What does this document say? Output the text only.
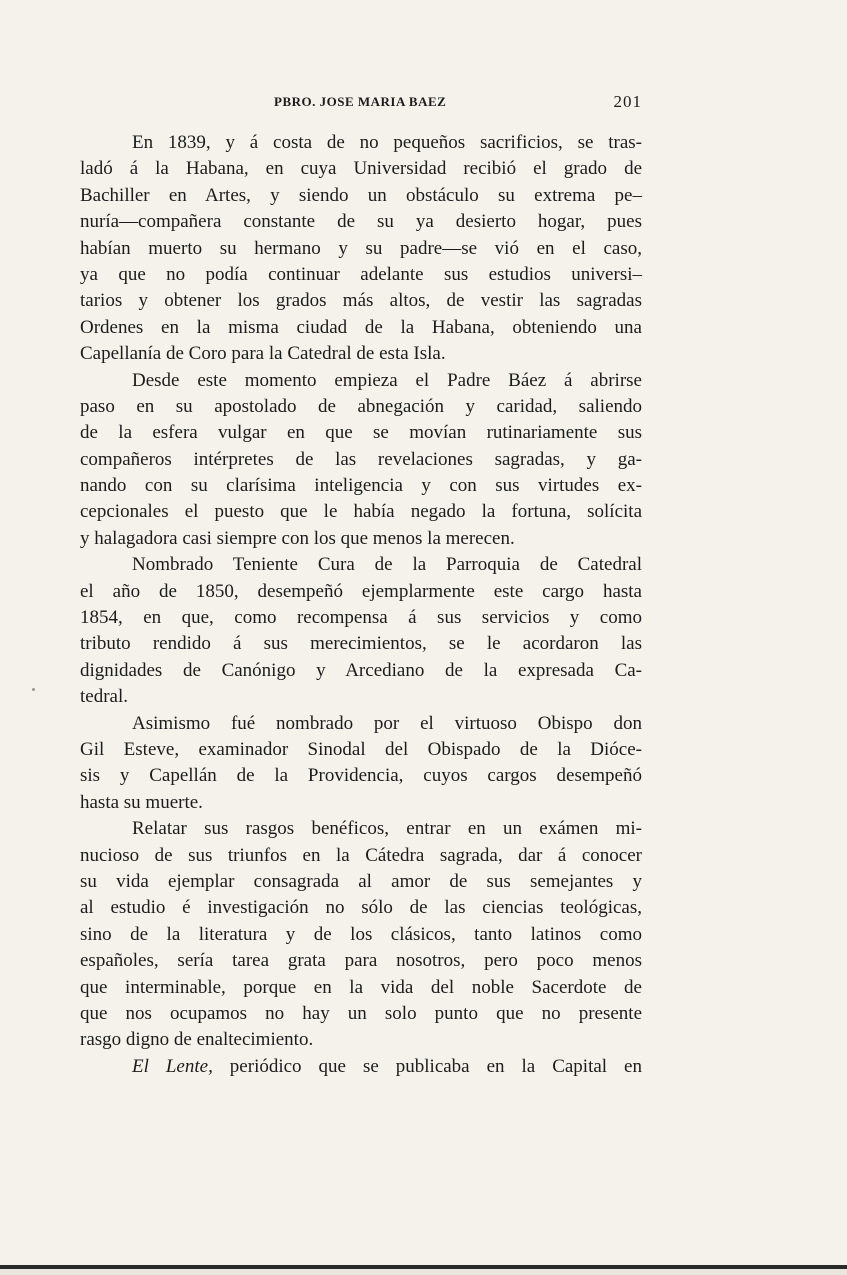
PBRO. JOSE MARIA BAEZ	201
En 1839, y á costa de no pequeños sacrificios, se tras-
ladó á la Habana, en cuya Universidad recibió el grado de
Bachiller en Artes, y siendo un obstáculo su extrema pe–
nuría—compañera constante de su ya desierto hogar, pues
habían muerto su hermano y su padre—se vió en el caso,
ya que no podía continuar adelante sus estudios universi–
tarios y obtener los grados más altos, de vestir las sagradas
Ordenes en la misma ciudad de la Habana, obteniendo una
Capellanía de Coro para la Catedral de esta Isla.
Desde este momento empieza el Padre Báez á abrirse
paso en su apostolado de abnegación y caridad, saliendo
de la esfera vulgar en que se movían rutinariamente sus
compañeros intérpretes de las revelaciones sagradas, y ga-
nando con su clarísima inteligencia y con sus virtudes ex-
cepcionales el puesto que le había negado la fortuna, solícita
y halagadora casi siempre con los que menos la merecen.
Nombrado Teniente Cura de la Parroquia de Catedral
el año de 1850, desempeñó ejemplarmente este cargo hasta
1854, en que, como recompensa á sus servicios y como
tributo rendido á sus merecimientos, se le acordaron las
dignidades de Canónigo y Arcediano de la expresada Ca-
tedral.
Asimismo fué nombrado por el virtuoso Obispo don
Gil Esteve, examinador Sinodal del Obispado de la Dióce-
sis y Capellán de la Providencia, cuyos cargos desempeñó
hasta su muerte.
Relatar sus rasgos benéficos, entrar en un exámen mi-
nucioso de sus triunfos en la Cátedra sagrada, dar á conocer
su vida ejemplar consagrada al amor de sus semejantes y
al estudio é investigación no sólo de las ciencias teológicas,
sino de la literatura y de los clásicos, tanto latinos como
españoles, sería tarea grata para nosotros, pero poco menos
que interminable, porque en la vida del noble Sacerdote de
que nos ocupamos no hay un solo punto que no presente
rasgo digno de enaltecimiento.
El Lente, periódico que se publicaba en la Capital en
